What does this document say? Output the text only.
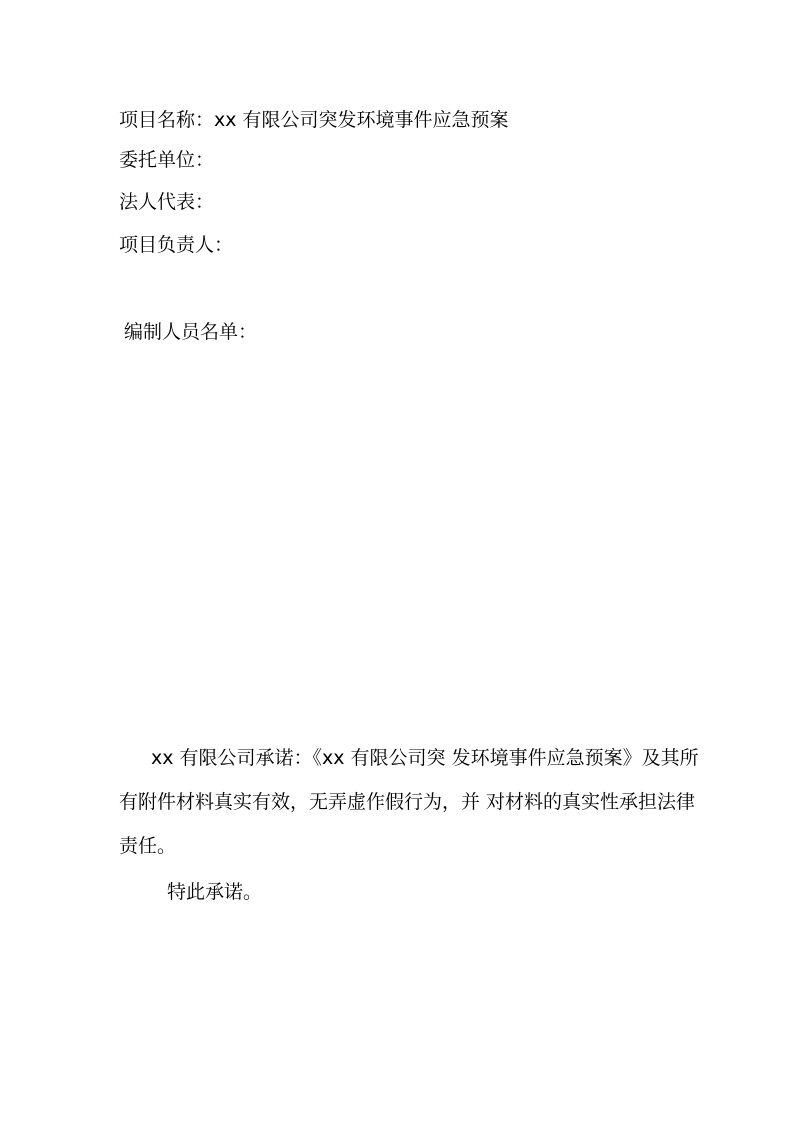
项目名称：xx 有限公司突发环境事件应急预案
委托单位：
法人代表：
项目负责人：
编制人员名单：
xx 有限公司承诺：《xx 有限公司突 发环境事件应急预案》及其所
有附件材料真实有效，无弄虚作假行为，并 对材料的真实性承担法律
责任。
特此承诺。
